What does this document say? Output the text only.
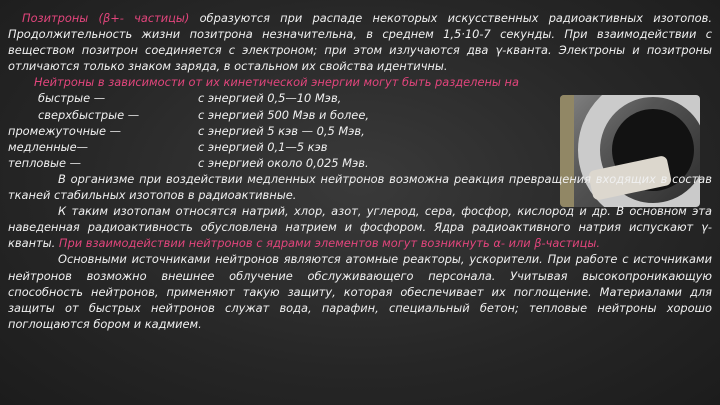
Позитроны (β+- частицы) образуются при распаде некоторых искусственных радиоактивных изотопов. Продолжительность жизни позитрона незначительна, в среднем 1,5·10-7 секунды. При взаимодействии с веществом позитрон соединяется с электроном; при этом излучаются два γ-кванта. Электроны и позитроны отличаются только знаком заряда, в остальном их свойства идентичны.

Нейтроны в зависимости от их кинетической энергии могут быть разделены на

быстрые —	с энергией 0,5—10 Мэв,
сверхбыстрые —	с энергией 500 Мэв и более,
промежуточные —	с энергией 5 кэв — 0,5 Мэв,
медленные—	с энергией 0,1—5 кэв
тепловые —	с энергией около 0,025 Мэв.

В организме при воздействии медленных нейтронов возможна реакция превращения входящих в состав тканей стабильных изотопов в радиоактивные.

К таким изотопам относятся натрий, хлор, азот, углерод, сера, фосфор, кислород и др. В основном эта наведенная радиоактивность обусловлена натрием и фосфором. Ядра радиоактивного натрия испускают γ-кванты. При взаимодействии нейтронов с ядрами элементов могут возникнуть α- или β-частицы.

Основными источниками нейтронов являются атомные реакторы, ускорители. При работе с источниками нейтронов возможно внешнее облучение обслуживающего персонала. Учитывая высокопроникающую способность нейтронов, применяют такую защиту, которая обеспечивает их поглощение. Материалами для защиты от быстрых нейтронов служат вода, парафин, специальный бетон; тепловые нейтроны хорошо поглощаются бором и кадмием.
